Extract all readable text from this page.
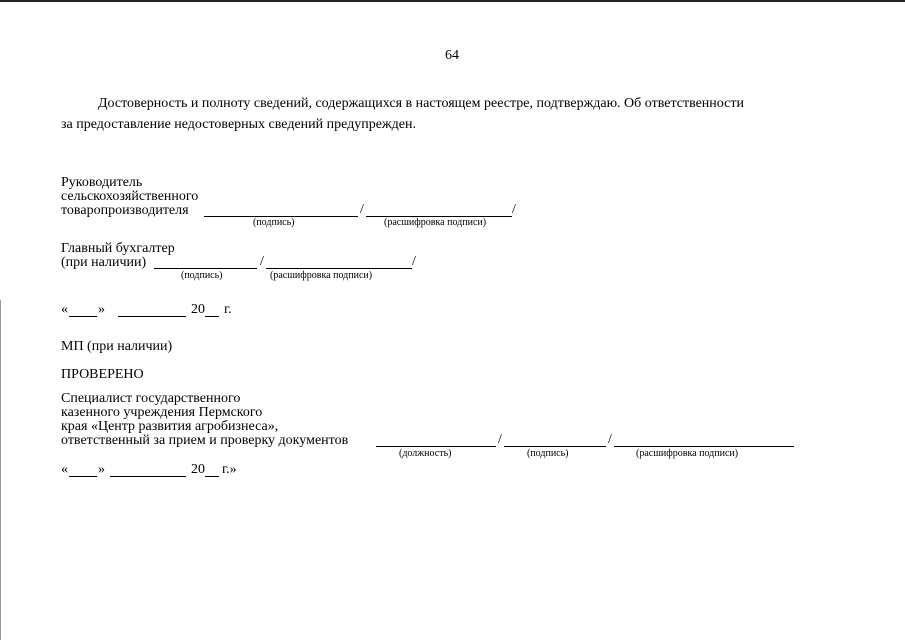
64
Достоверность и полноту сведений, содержащихся в настоящем реестре, подтверждаю. Об ответственности
за предоставление недостоверных сведений предупрежден.
Руководитель
сельскохозяйственного
товаропроизводителя	/	/
(подпись)	(расшифровка подписи)
Главный бухгалтер
(при наличии)	/	/
(подпись)	(расшифровка подписи)
« »	20 г.
МП (при наличии)
ПРОВЕРЕНО
Специалист государственного
казенного учреждения Пермского
края «Центр развития агробизнеса»,
ответственный за прием и проверку документов	/	/
(должность)	(подпись)	(расшифровка подписи)
« »	20 г.»
